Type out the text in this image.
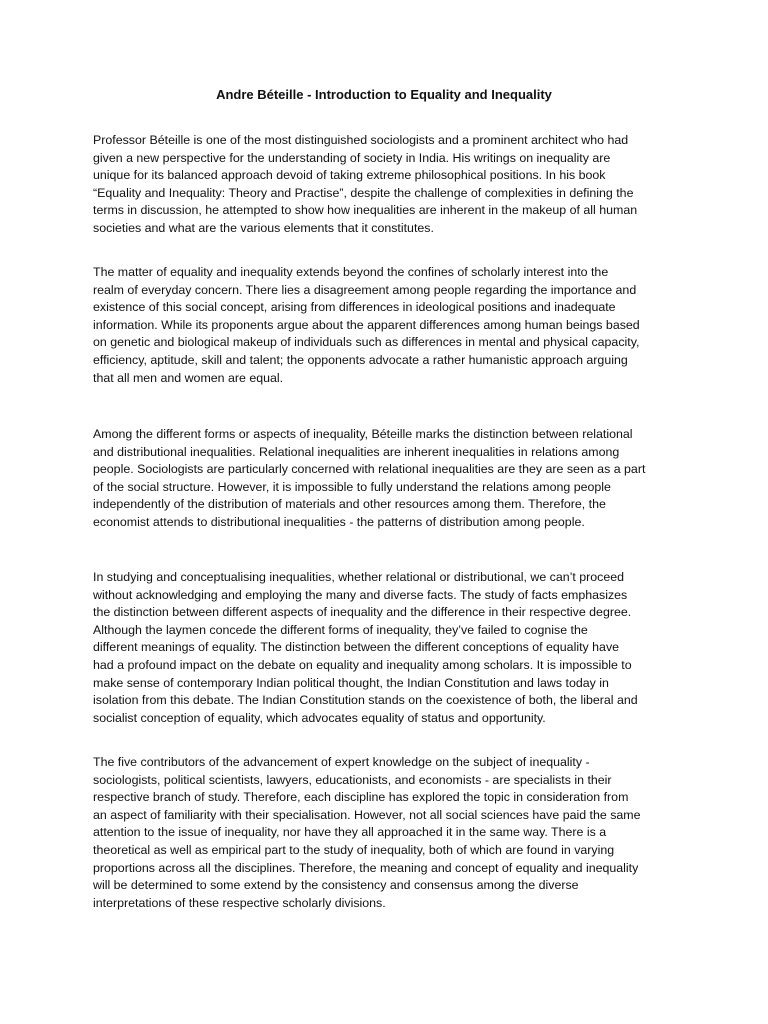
Andre Béteille - Introduction to Equality and Inequality

Professor Béteille is one of the most distinguished sociologists and a prominent architect who had
given a new perspective for the understanding of society in India. His writings on inequality are
unique for its balanced approach devoid of taking extreme philosophical positions. In his book
“Equality and Inequality: Theory and Practise”, despite the challenge of complexities in defining the
terms in discussion, he attempted to show how inequalities are inherent in the makeup of all human
societies and what are the various elements that it constitutes.

The matter of equality and inequality extends beyond the confines of scholarly interest into the
realm of everyday concern. There lies a disagreement among people regarding the importance and
existence of this social concept, arising from differences in ideological positions and inadequate
information. While its proponents argue about the apparent differences among human beings based
on genetic and biological makeup of individuals such as differences in mental and physical capacity,
efficiency, aptitude, skill and talent; the opponents advocate a rather humanistic approach arguing
that all men and women are equal.

Among the different forms or aspects of inequality, Béteille marks the distinction between relational
and distributional inequalities. Relational inequalities are inherent inequalities in relations among
people. Sociologists are particularly concerned with relational inequalities are they are seen as a part
of the social structure. However, it is impossible to fully understand the relations among people
independently of the distribution of materials and other resources among them. Therefore, the
economist attends to distributional inequalities - the patterns of distribution among people.

In studying and conceptualising inequalities, whether relational or distributional, we can’t proceed
without acknowledging and employing the many and diverse facts. The study of facts emphasizes
the distinction between different aspects of inequality and the difference in their respective degree.
Although the laymen concede the different forms of inequality, they’ve failed to cognise the
different meanings of equality. The distinction between the different conceptions of equality have
had a profound impact on the debate on equality and inequality among scholars. It is impossible to
make sense of contemporary Indian political thought, the Indian Constitution and laws today in
isolation from this debate. The Indian Constitution stands on the coexistence of both, the liberal and
socialist conception of equality, which advocates equality of status and opportunity.

The five contributors of the advancement of expert knowledge on the subject of inequality -
sociologists, political scientists, lawyers, educationists, and economists - are specialists in their
respective branch of study. Therefore, each discipline has explored the topic in consideration from
an aspect of familiarity with their specialisation. However, not all social sciences have paid the same
attention to the issue of inequality, nor have they all approached it in the same way. There is a
theoretical as well as empirical part to the study of inequality, both of which are found in varying
proportions across all the disciplines. Therefore, the meaning and concept of equality and inequality
will be determined to some extend by the consistency and consensus among the diverse
interpretations of these respective scholarly divisions.
